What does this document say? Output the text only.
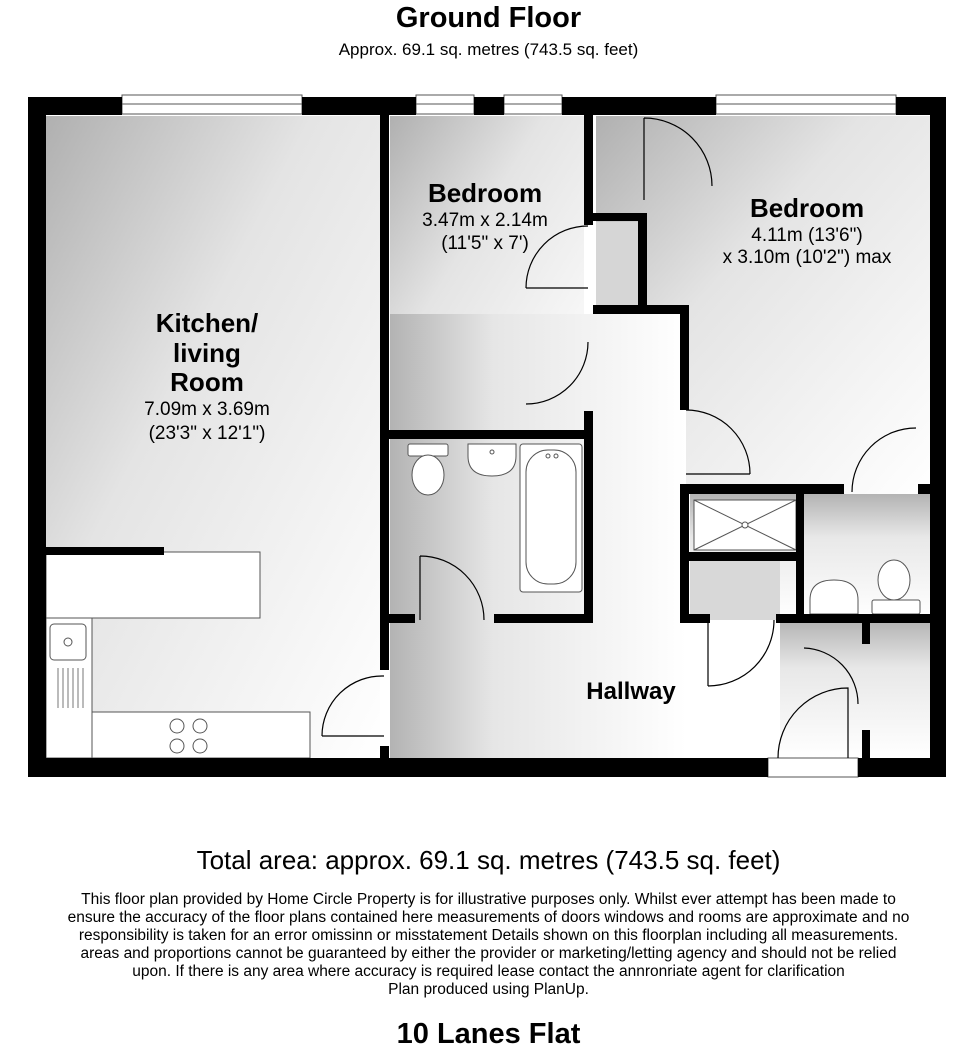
Ground Floor
Approx. 69.1 sq. metres (743.5 sq. feet)
Kitchen/
living
Room
7.09m x 3.69m
(23'3" x 12'1")
Bedroom
3.47m x 2.14m
(11'5" x 7')
Bedroom
4.11m (13'6")
x 3.10m (10'2") max
Hallway
Total area: approx. 69.1 sq. metres (743.5 sq. feet)
This floor plan provided by Home Circle Property is for illustrative purposes only. Whilst ever attempt has been made to
ensure the accuracy of the floor plans contained here measurements of doors windows and rooms are approximate and no
responsibility is taken for an error omissinn or misstatement Details shown on this floorplan including all measurements.
areas and proportions cannot be guaranteed by either the provider or marketing/letting agency and should not be relied
upon. If there is any area where accuracy is required lease contact the annronriate agent for clarification
Plan produced using PlanUp.
10 Lanes Flat
